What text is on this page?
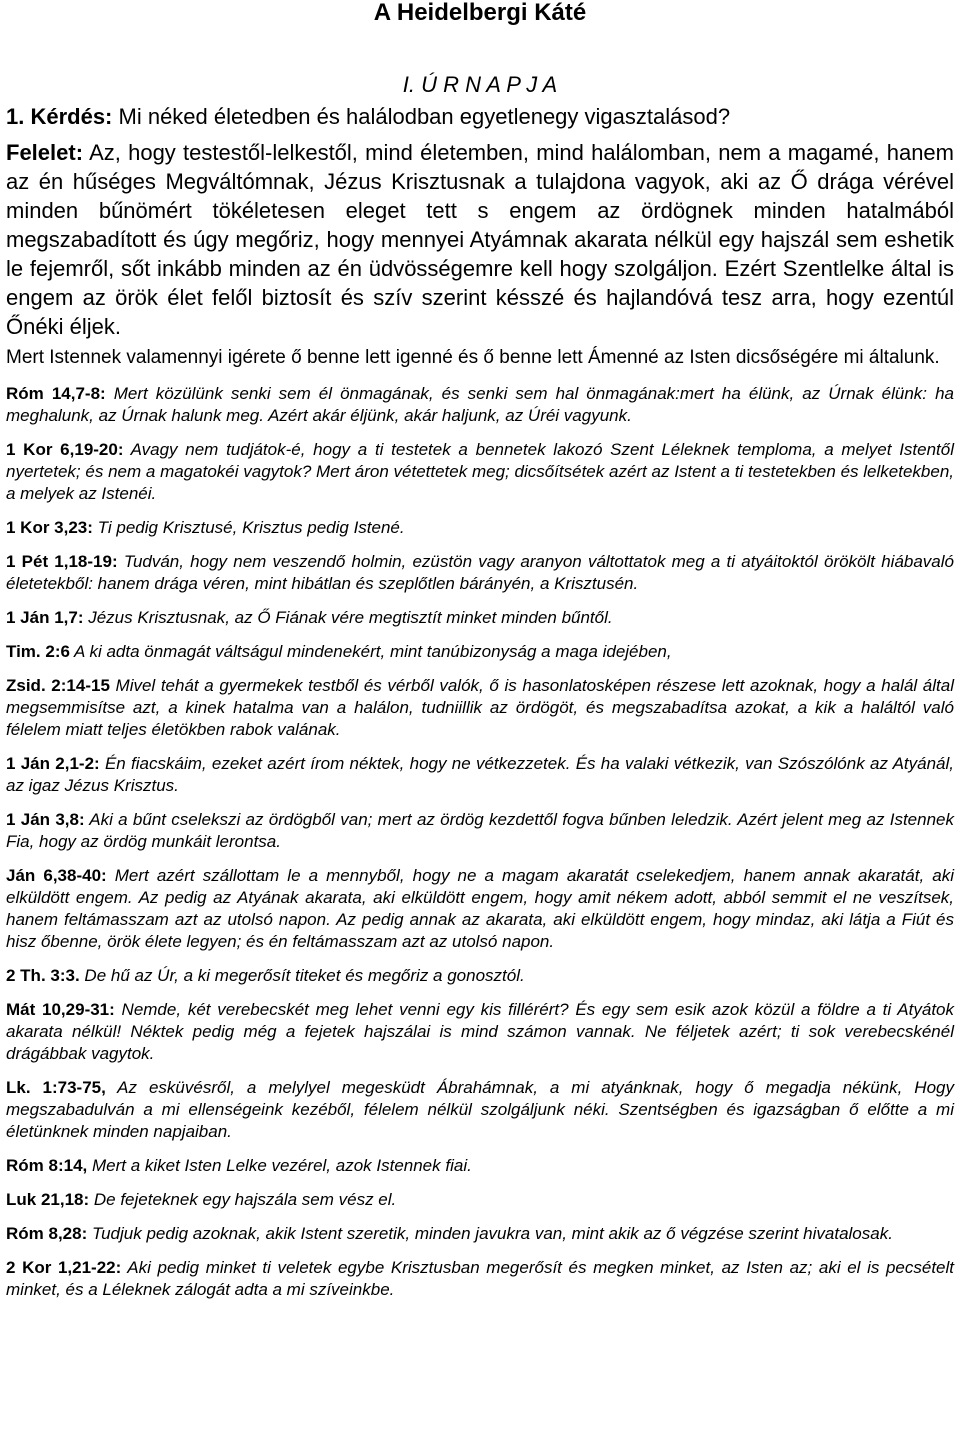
A Heidelbergi Káté

I. Ú R N A P J A

1. Kérdés: Mi néked életedben és halálodban egyetlenegy vigasztalásod?

Felelet: Az, hogy testestől-lelkestől, mind életemben, mind halálomban, nem a magamé, hanem az én hűséges Megváltómnak, Jézus Krisztusnak a tulajdona vagyok, aki az Ő drága vérével minden bűnömért tökéletesen eleget tett s engem az ördögnek minden hatalmából megszabadított és úgy megőriz, hogy mennyei Atyámnak akarata nélkül egy hajszál sem eshetik le fejemről, sőt inkább minden az én üdvösségemre kell hogy szolgáljon. Ezért Szentlelke által is engem az örök élet felől biztosít és szív szerint késszé és hajlandóvá tesz arra, hogy ezentúl Őnéki éljek.

Mert Istennek valamennyi igérete ő benne lett igenné és ő benne lett Ámenné az Isten dicsőségére mi általunk.

Róm 14,7-8: Mert közülünk senki sem él önmagának, és senki sem hal önmagának:mert ha élünk, az Úrnak élünk: ha meghalunk, az Úrnak halunk meg. Azért akár éljünk, akár haljunk, az Úréi vagyunk.

1 Kor 6,19-20: Avagy nem tudjátok-é, hogy a ti testetek a bennetek lakozó Szent Léleknek temploma, a melyet Istentől nyertetek; és nem a magatokéi vagytok? Mert áron vétettetek meg; dicsőítsétek azért az Istent a ti testetekben és lelketekben, a melyek az Istenéi.

1 Kor 3,23: Ti pedig Krisztusé, Krisztus pedig Istené.

1 Pét 1,18-19: Tudván, hogy nem veszendő holmin, ezüstön vagy aranyon váltottatok meg a ti atyáitoktól örökölt hiábavaló életetekből: hanem drága véren, mint hibátlan és szeplőtlen bárányén, a Krisztusén.

1 Ján 1,7: Jézus Krisztusnak, az Ő Fiának vére megtisztít minket minden bűntől.

Tim. 2:6 A ki adta önmagát váltságul mindenekért, mint tanúbizonyság a maga idejében,

Zsid. 2:14-15 Mivel tehát a gyermekek testből és vérből valók, ő is hasonlatosképen részese lett azoknak, hogy a halál által megsemmisítse azt, a kinek hatalma van a halálon, tudniillik az ördögöt, és megszabadítsa azokat, a kik a haláltól való félelem miatt teljes életökben rabok valának.

1 Ján 2,1-2: Én fiacskáim, ezeket azért írom néktek, hogy ne vétkezzetek. És ha valaki vétkezik, van Szószólónk az Atyánál, az igaz Jézus Krisztus.

1 Ján 3,8: Aki a bűnt cselekszi az ördögből van; mert az ördög kezdettől fogva bűnben leledzik. Azért jelent meg az Istennek Fia, hogy az ördög munkáit lerontsa.

Ján 6,38-40: Mert azért szállottam le a mennyből, hogy ne a magam akaratát cselekedjem, hanem annak akaratát, aki elküldött engem. Az pedig az Atyának akarata, aki elküldött engem, hogy amit nékem adott, abból semmit el ne veszítsek, hanem feltámasszam azt az utolsó napon. Az pedig annak az akarata, aki elküldött engem, hogy mindaz, aki látja a Fiút és hisz őbenne, örök élete legyen; és én feltámasszam azt az utolsó napon.

2 Th. 3:3. De hű az Úr, a ki megerősít titeket és megőriz a gonosztól.

Mát 10,29-31: Nemde, két verebecskét meg lehet venni egy kis fillérért? És egy sem esik azok közül a földre a ti Atyátok akarata nélkül! Néktek pedig még a fejetek hajszálai is mind számon vannak. Ne féljetek azért; ti sok verebecskénél drágábbak vagytok.

Lk. 1:73-75, Az esküvésről, a melylyel megesküdt Ábrahámnak, a mi atyánknak, hogy ő megadja nékünk, Hogy megszabadulván a mi ellenségeink kezéből, félelem nélkül szolgáljunk néki. Szentségben és igazságban ő előtte a mi életünknek minden napjaiban.

Róm 8:14, Mert a kiket Isten Lelke vezérel, azok Istennek fiai.

Luk 21,18: De fejeteknek egy hajszála sem vész el.

Róm 8,28: Tudjuk pedig azoknak, akik Istent szeretik, minden javukra van, mint akik az ő végzése szerint hivatalosak.

2 Kor 1,21-22: Aki pedig minket ti veletek egybe Krisztusban megerősít és megken minket, az Isten az; aki el is pecsételt minket, és a Léleknek zálogát adta a mi szíveinkbe.
